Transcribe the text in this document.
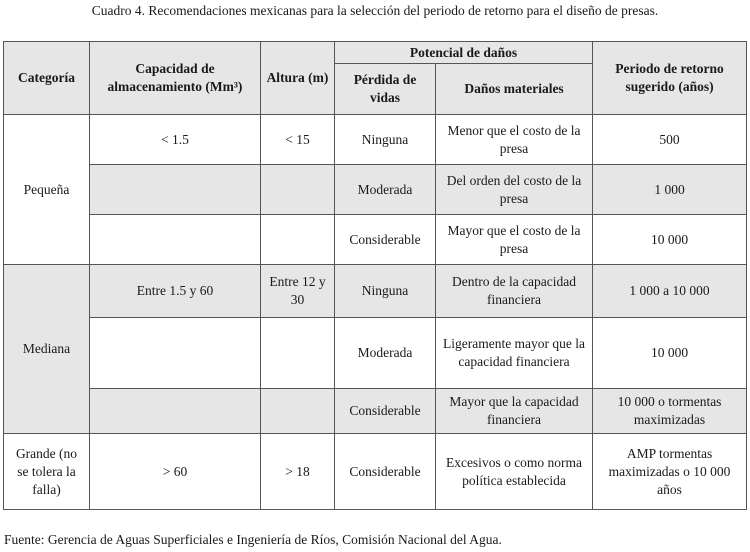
Cuadro 4. Recomendaciones mexicanas para la selección del periodo de retorno para el diseño de presas.
Categoría	Capacidad de almacenamiento (Mm³)	Altura (m)	Potencial de daños		Periodo de retorno sugerido (años)
			Pérdida de vidas	Daños materiales	
Pequeña	< 1.5	< 15	Ninguna	Menor que el costo de la presa	500
			Moderada	Del orden del costo de la presa	1 000
			Considerable	Mayor que el costo de la presa	10 000
Mediana	Entre 1.5 y 60	Entre 12 y 30	Ninguna	Dentro de la capacidad financiera	1 000 a 10 000
			Moderada	Ligeramente mayor que la capacidad financiera	10 000
			Considerable	Mayor que la capacidad financiera	10 000 o tormentas maximizadas
Grande (no se tolera la falla)	> 60	> 18	Considerable	Excesivos o como norma política establecida	AMP tormentas maximizadas o 10 000 años
Fuente: Gerencia de Aguas Superficiales e Ingeniería de Ríos, Comisión Nacional del Agua.
